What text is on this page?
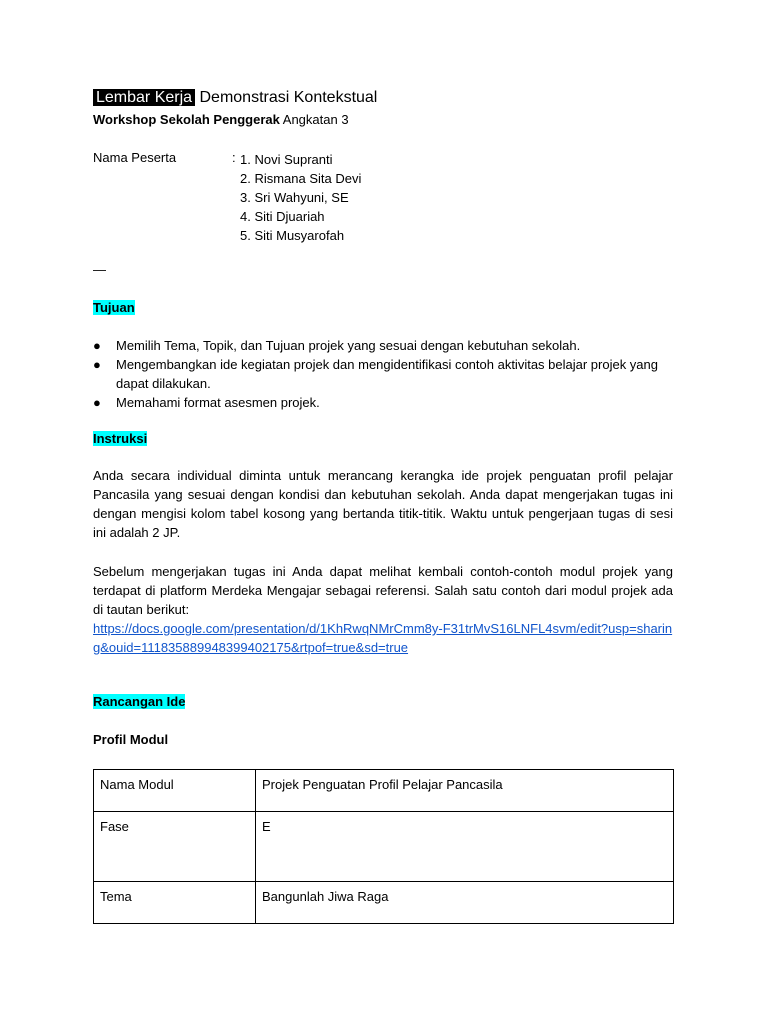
Lembar Kerja Demonstrasi Kontekstual
Workshop Sekolah Penggerak Angkatan 3
Nama Peserta	: 1. Novi Supranti
2. Rismana Sita Devi
3. Sri Wahyuni, SE
4. Siti Djuariah
5. Siti Musyarofah
—
Tujuan
● Memilih Tema, Topik, dan Tujuan projek yang sesuai dengan kebutuhan sekolah.
● Mengembangkan ide kegiatan projek dan mengidentifikasi contoh aktivitas belajar projek yang dapat dilakukan.
● Memahami format asesmen projek.
Instruksi
Anda secara individual diminta untuk merancang kerangka ide projek penguatan profil pelajar Pancasila yang sesuai dengan kondisi dan kebutuhan sekolah. Anda dapat mengerjakan tugas ini dengan mengisi kolom tabel kosong yang bertanda titik-titik. Waktu untuk pengerjaan tugas di sesi ini adalah 2 JP.
Sebelum mengerjakan tugas ini Anda dapat melihat kembali contoh-contoh modul projek yang terdapat di platform Merdeka Mengajar sebagai referensi. Salah satu contoh dari modul projek ada di tautan berikut:
https://docs.google.com/presentation/d/1KhRwqNMrCmm8y-F31trMvS16LNFL4svm/edit?usp=sharing&ouid=111835889948399402175&rtpof=true&sd=true
Rancangan Ide
Profil Modul
Nama Modul	Projek Penguatan Profil Pelajar Pancasila
Fase	E
Tema	Bangunlah Jiwa Raga
